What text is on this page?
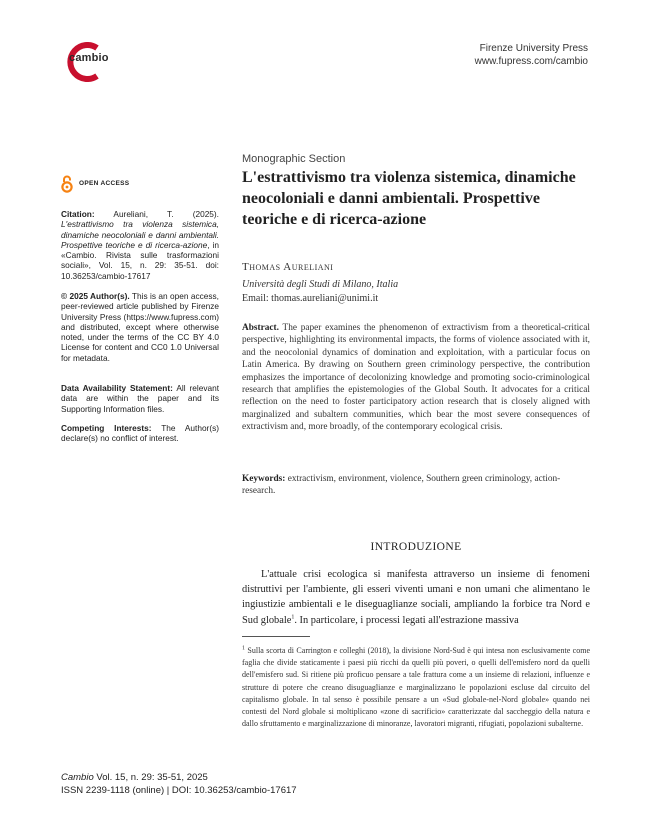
cambio
Firenze University Press
www.fupress.com/cambio
OPEN ACCESS

Citation: Aureliani, T. (2025). L'estrattivismo tra violenza sistemica, dinamiche neocoloniali e danni ambientali. Prospettive teoriche e di ricerca-azione, in «Cambio. Rivista sulle trasformazioni sociali», Vol. 15, n. 29: 35-51. doi: 10.36253/cambio-17617

© 2025 Author(s). This is an open access, peer-reviewed article published by Firenze University Press (https://www.fupress.com) and distributed, except where otherwise noted, under the terms of the CC BY 4.0 License for content and CC0 1.0 Universal for metadata.

Data Availability Statement: All relevant data are within the paper and its Supporting Information files.

Competing Interests: The Author(s) declare(s) no conflict of interest.

Monographic Section
L'estrattivismo tra violenza sistemica, dinamiche neocoloniali e danni ambientali. Prospettive teoriche e di ricerca-azione
Thomas Aureliani
Università degli Studi di Milano, Italia
Email: thomas.aureliani@unimi.it

Abstract. The paper examines the phenomenon of extractivism from a theoretical-critical perspective, highlighting its environmental impacts, the forms of violence associated with it, and the neocolonial dynamics of domination and exploitation, with a particular focus on Latin America. By drawing on Southern green criminology perspective, the contribution emphasizes the importance of decolonizing knowledge and promoting socio-criminological research that amplifies the epistemologies of the Global South. It advocates for a critical reflection on the need to foster participatory action research that is closely aligned with marginalized and subaltern communities, which bear the most severe consequences of extractivism and, more broadly, of the contemporary ecological crisis.

Keywords: extractivism, environment, violence, Southern green criminology, action-research.
INTRODUZIONE

L'attuale crisi ecologica si manifesta attraverso un insieme di fenomeni distruttivi per l'ambiente, gli esseri viventi umani e non umani che alimentano le ingiustizie ambientali e le diseguaglianze sociali, ampliando la forbice tra Nord e Sud globale$^1$. In particolare, i processi legati all'estrazione massiva

$^1$ Sulla scorta di Carrington e colleghi (2018), la divisione Nord-Sud è qui intesa non esclusivamente come faglia che divide staticamente i paesi più ricchi da quelli più poveri, o quelli dell'emisfero nord da quelli dell'emisfero sud. Si ritiene più proficuo pensare a tale frattura come a un insieme di relazioni, influenze e strutture di potere che creano disuguaglianze e marginalizzano le popolazioni escluse dal circuito del capitalismo globale. In tal senso è possibile pensare a un «Sud globale-nel-Nord globale» quando nei contesti del Nord globale si moltiplicano «zone di sacrificio» caratterizzate dal saccheggio della natura e dallo sfruttamento e marginalizzazione di minoranze, lavoratori migranti, rifugiati, popolazioni subalterne.

Cambio Vol. 15, n. 29: 35-51, 2025
ISSN 2239-1118 (online) | DOI: 10.36253/cambio-17617
